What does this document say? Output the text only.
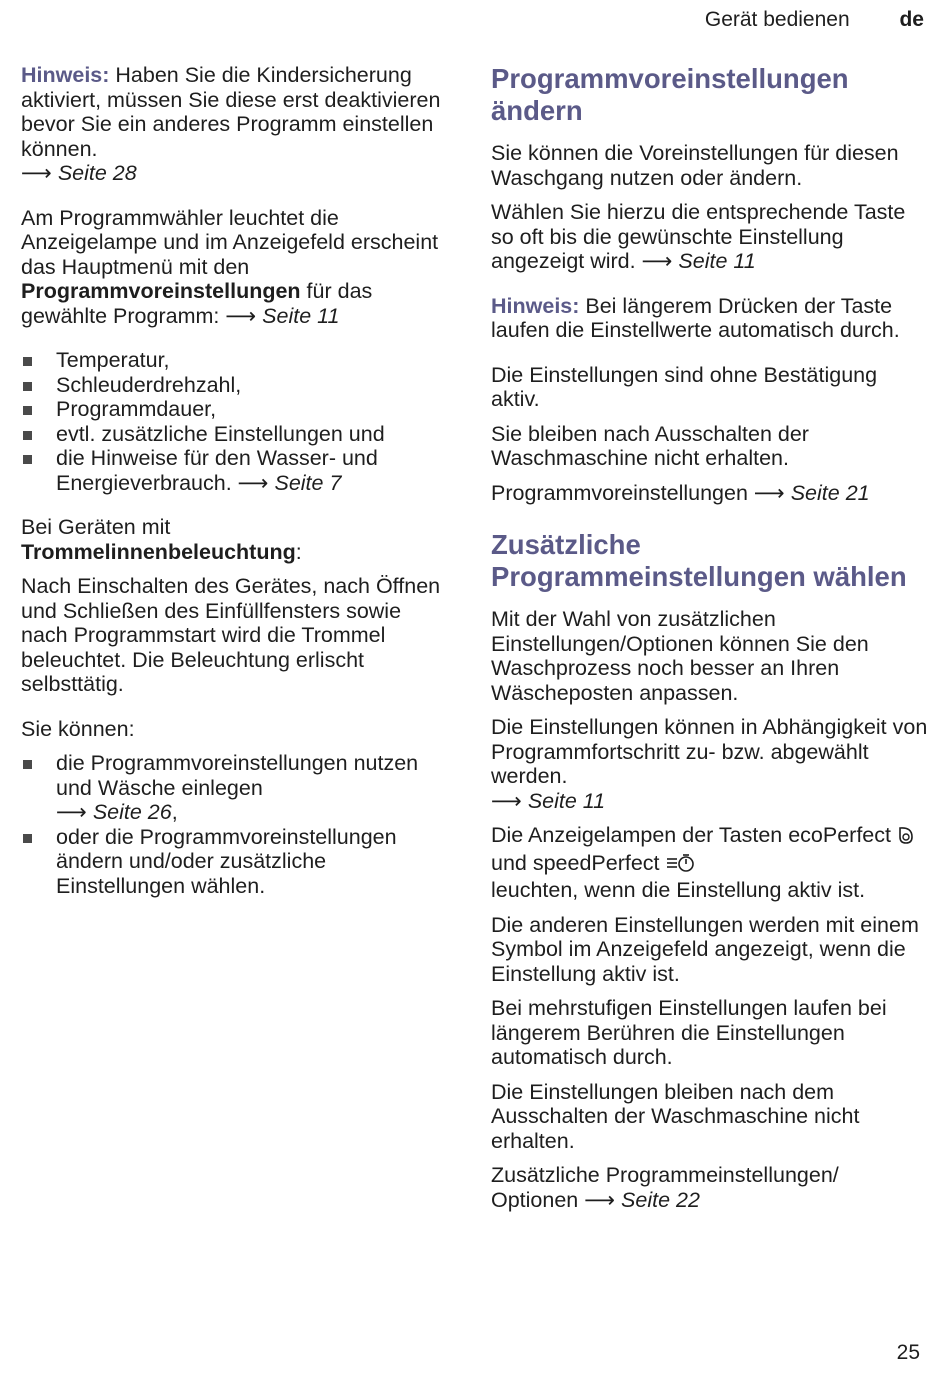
Gerät bedienen de

Hinweis: Haben Sie die Kindersicherung aktiviert, müssen Sie diese erst deaktivieren bevor Sie ein anderes Programm einstellen können.
⟶ Seite 28

Am Programmwähler leuchtet die Anzeigelampe und im Anzeigefeld erscheint das Hauptmenü mit den Programmvoreinstellungen für das gewählte Programm: ⟶ Seite 11

Temperatur,
Schleuderdrehzahl,
Programmdauer,
evtl. zusätzliche Einstellungen und
die Hinweise für den Wasser- und Energieverbrauch. ⟶ Seite 7

Bei Geräten mit Trommelinnenbeleuchtung:

Nach Einschalten des Gerätes, nach Öffnen und Schließen des Einfüllfensters sowie nach Programmstart wird die Trommel beleuchtet. Die Beleuchtung erlischt selbsttätig.

Sie können:

die Programmvoreinstellungen nutzen und Wäsche einlegen
⟶ Seite 26,
oder die Programmvoreinstellungen ändern und/oder zusätzliche Einstellungen wählen.
Programmvoreinstellungen ändern

Sie können die Voreinstellungen für diesen Waschgang nutzen oder ändern.

Wählen Sie hierzu die entsprechende Taste so oft bis die gewünschte Einstellung angezeigt wird. ⟶ Seite 11

Hinweis: Bei längerem Drücken der Taste laufen die Einstellwerte automatisch durch.

Die Einstellungen sind ohne Bestätigung aktiv.

Sie bleiben nach Ausschalten der Waschmaschine nicht erhalten.

Programmvoreinstellungen ⟶ Seite 21

Zusätzliche Programmeinstellungen wählen

Mit der Wahl von zusätzlichen Einstellungen/Optionen können Sie den Waschprozess noch besser an Ihren Wäscheposten anpassen.

Die Einstellungen können in Abhängigkeit von Programmfortschritt zu- bzw. abgewählt werden.
⟶ Seite 11

Die Anzeigelampen der Tasten ecoPerfect  und speedPerfect
leuchten, wenn die Einstellung aktiv ist.

Die anderen Einstellungen werden mit einem Symbol im Anzeigefeld angezeigt, wenn die Einstellung aktiv ist.

Bei mehrstufigen Einstellungen laufen bei längerem Berühren die Einstellungen automatisch durch.

Die Einstellungen bleiben nach dem Ausschalten der Waschmaschine nicht erhalten.

Zusätzliche Programmeinstellungen/ Optionen ⟶ Seite 22

25
